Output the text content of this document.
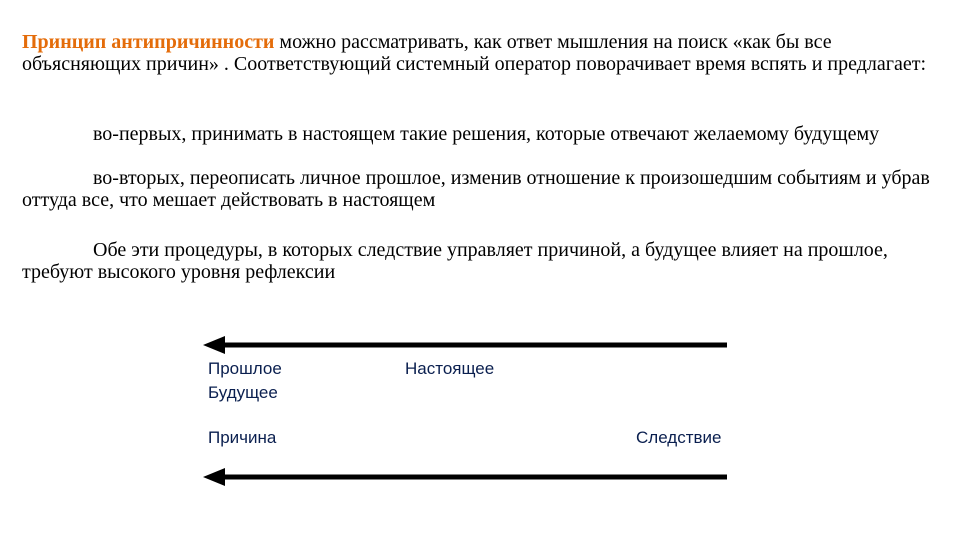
Принцип антипричинности можно рассматривать, как ответ мышления на поиск «как бы все объясняющих причин» . Соответствующий системный оператор поворачивает время вспять и предлагает:
во-первых, принимать в настоящем такие решения, которые отвечают желаемому будущему
во-вторых, переописать личное прошлое, изменив отношение к произошедшим событиям и убрав оттуда все, что мешает действовать в настоящем
Обе эти процедуры, в которых следствие управляет причиной, а будущее влияет на прошлое, требуют высокого уровня рефлексии
Прошлое	Настоящее
Будущее
Причина	Следствие
